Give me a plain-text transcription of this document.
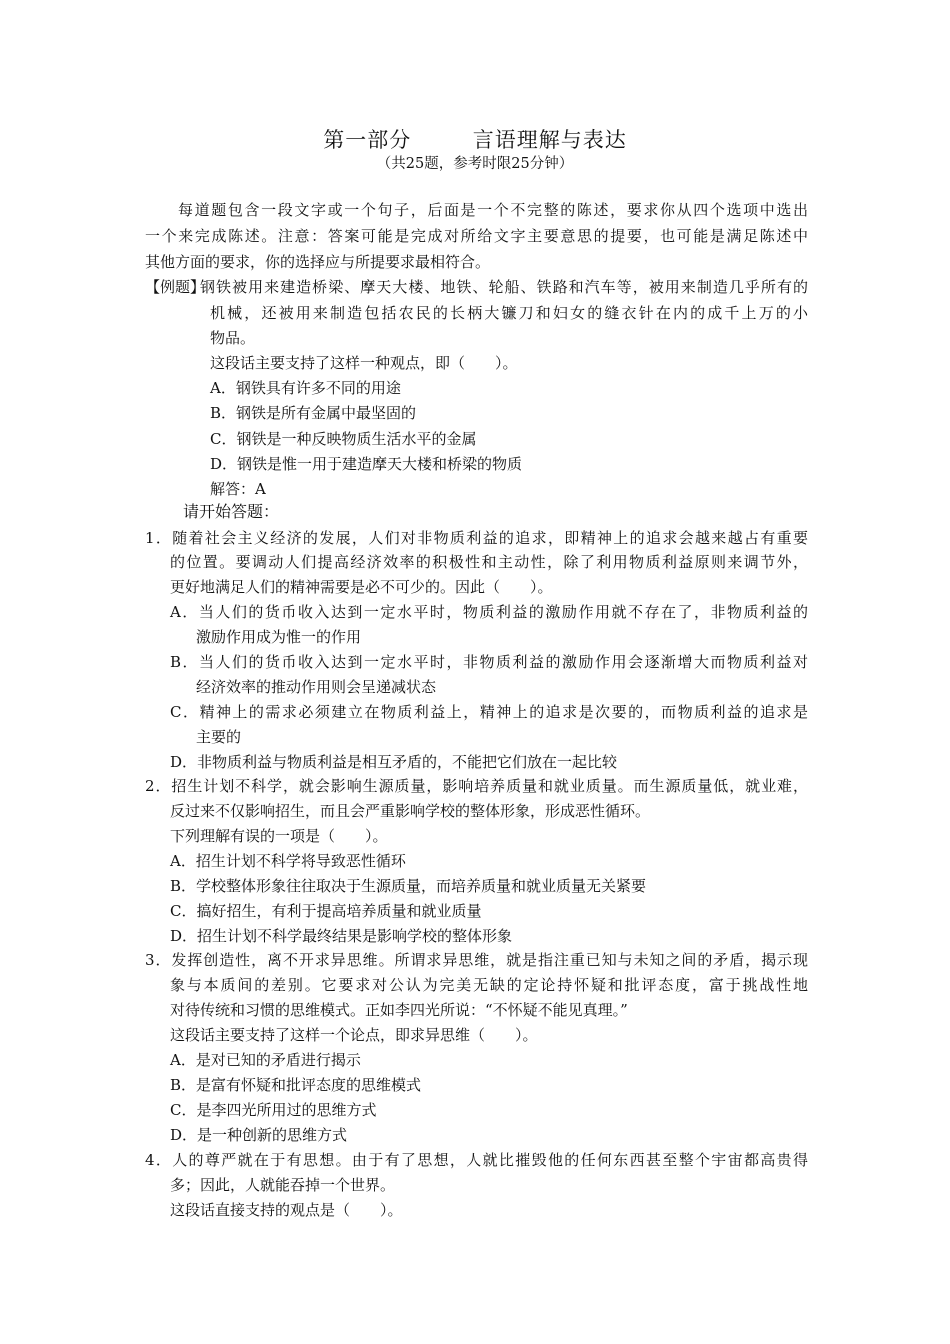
第一部分        言语理解与表达
（共25题，参考时限25分钟）
每道题包含一段文字或一个句子，后面是一个不完整的陈述，要求你从四个选项中选出
一个来完成陈述。注意：答案可能是完成对所给文字主要意思的提要，也可能是满足陈述中
其他方面的要求，你的选择应与所提要求最相符合。
【例题】
钢铁被用来建造桥梁、摩天大楼、地铁、轮船、铁路和汽车等，被用来制造几乎所有的
机械，还被用来制造包括农民的长柄大镰刀和妇女的缝衣针在内的成千上万的小
物品。
这段话主要支持了这样一种观点，即（　　）。
A．钢铁具有许多不同的用途
B．钢铁是所有金属中最坚固的
C．钢铁是一种反映物质生活水平的金属
D．钢铁是惟一用于建造摩天大楼和桥梁的物质
解答：A
请开始答题：
1．随着社会主义经济的发展，人们对非物质利益的追求，即精神上的追求会越来越占有重要
的位置。要调动人们提高经济效率的积极性和主动性，除了利用物质利益原则来调节外，
更好地满足人们的精神需要是必不可少的。因此（　　）。
A．当人们的货币收入达到一定水平时，物质利益的激励作用就不存在了，非物质利益的
激励作用成为惟一的作用
B．当人们的货币收入达到一定水平时，非物质利益的激励作用会逐渐增大而物质利益对
经济效率的推动作用则会呈递减状态
C．精神上的需求必须建立在物质利益上，精神上的追求是次要的，而物质利益的追求是
主要的
D．非物质利益与物质利益是相互矛盾的，不能把它们放在一起比较
2．招生计划不科学，就会影响生源质量，影响培养质量和就业质量。而生源质量低，就业难，
反过来不仅影响招生，而且会严重影响学校的整体形象，形成恶性循环。
下列理解有误的一项是（　　）。
A．招生计划不科学将导致恶性循环
B．学校整体形象往往取决于生源质量，而培养质量和就业质量无关紧要
C．搞好招生，有利于提高培养质量和就业质量
D．招生计划不科学最终结果是影响学校的整体形象
3．发挥创造性，离不开求异思维。所谓求异思维，就是指注重已知与未知之间的矛盾，揭示现
象与本质间的差别。它要求对公认为完美无缺的定论持怀疑和批评态度，富于挑战性地
对待传统和习惯的思维模式。正如李四光所说：“不怀疑不能见真理。”
这段话主要支持了这样一个论点，即求异思维（　　）。
A．是对已知的矛盾进行揭示
B．是富有怀疑和批评态度的思维模式
C．是李四光所用过的思维方式
D．是一种创新的思维方式
4．人的尊严就在于有思想。由于有了思想，人就比摧毁他的任何东西甚至整个宇宙都高贵得
多；因此，人就能吞掉一个世界。
这段话直接支持的观点是（　　）。
